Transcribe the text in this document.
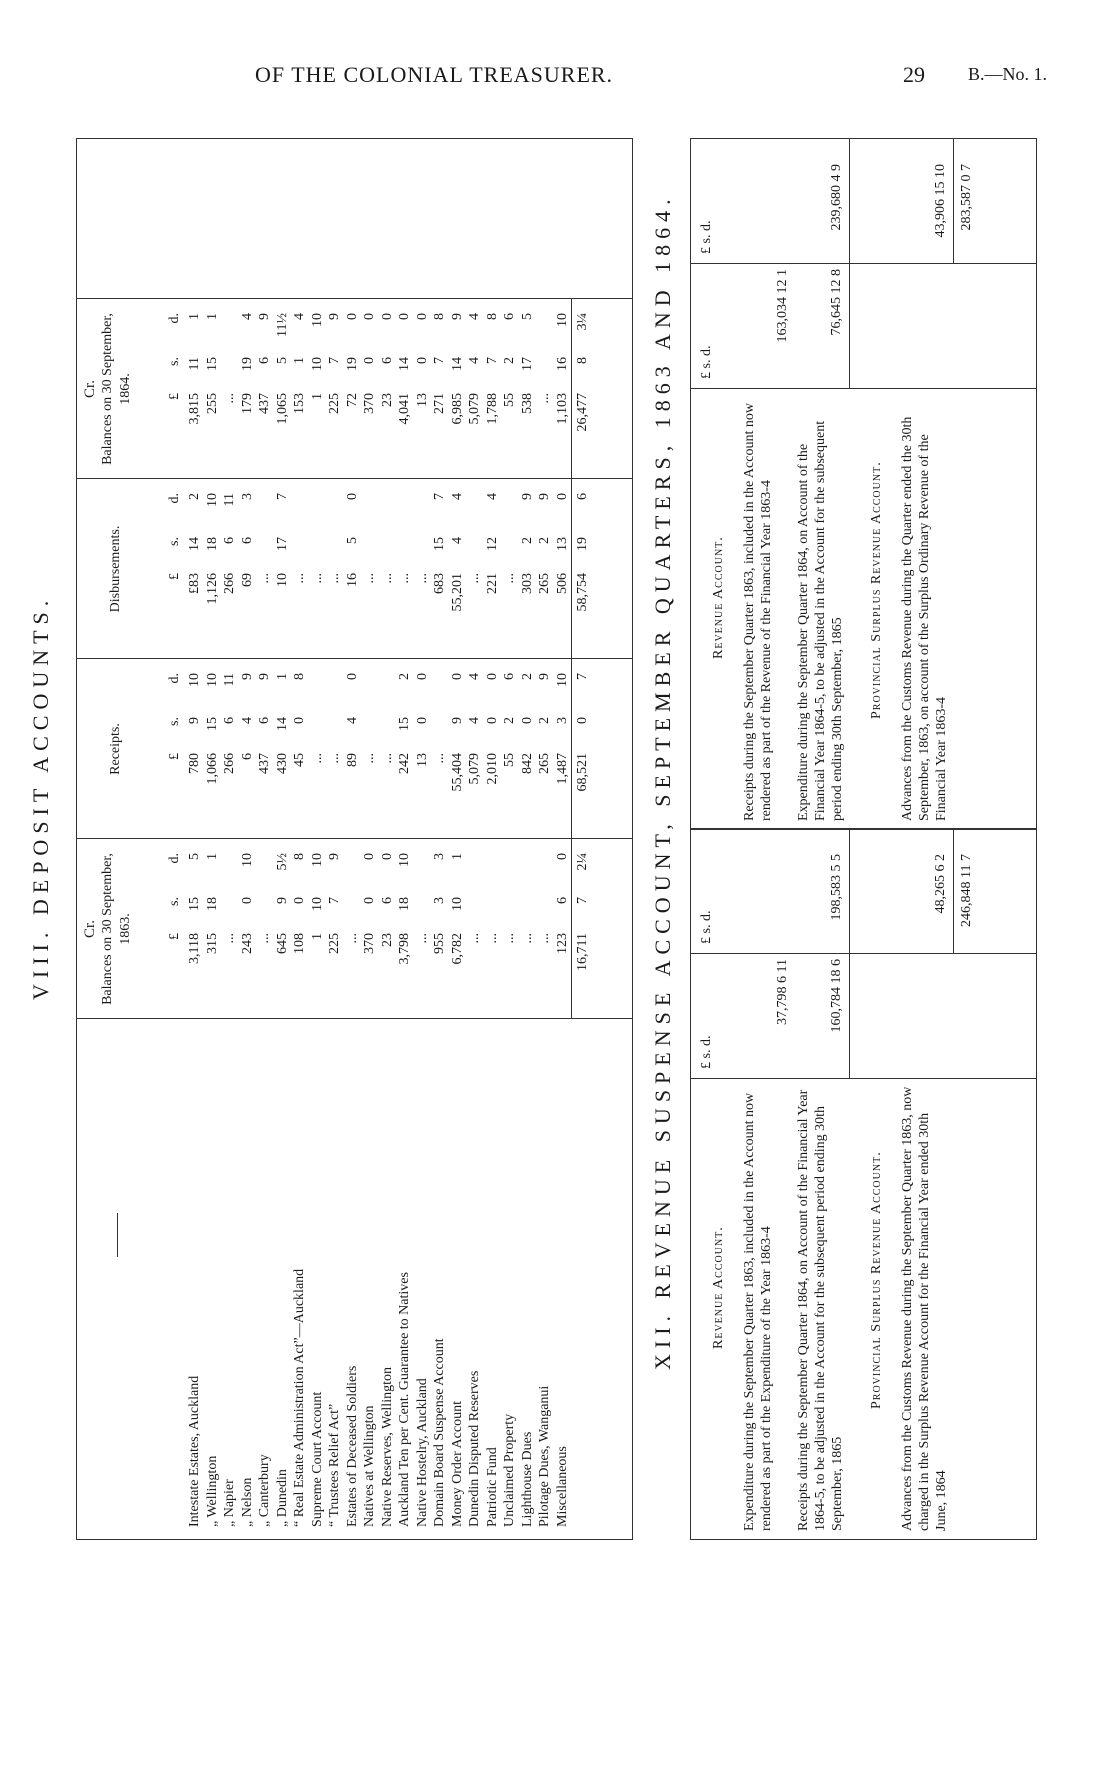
OF THE COLONIAL TREASURER.	29 B.—No. 1.
VIII. DEPOSIT ACCOUNTS. Cr. Balances on 30 September, 1863.
Receipts.
Disbursements.
Cr. Balances on 30 September, 1864.
£
s.
d.
£
s.
d.
£
s.
d.
£
s.
d.
Intestate Estates, Auckland
3,118
15
5
780
9
10
£83
14
2
3,815
11
1
„ Wellington
315
18
1
1,066
15
10
1,126
18
10
255
15
1
„ Napier
...
266
6
11
266
6
11
...
„ Nelson
243
0
10
6
4
9
69
6
3
179
19
4
„ Canterbury
...
437
6
9
...
437
6
9
„ Dunedin
645
9
5½
430
14
1
10
17
7
1,065
5
11½
“ Real Estate Administration Act”—Auckland
108
0
8
45
0
8
...
153
1
4
Supreme Court Account
1
10
10
...
...
1
10
10
“ Trustees Relief Act”
225
7
9
...
...
225
7
9
Estates of Deceased Soldiers
...
89
4
0
16
5
0
72
19
0
Natives at Wellington
370
0
0
...
...
370
0
0
Native Reserves, Wellington
23
6
0
...
...
23
6
0
Auckland Ten per Cent. Guarantee to Natives
3,798
18
10
242
15
2
...
4,041
14
0
Native Hostelry, Auckland
...
13
0
0
...
13
0
0
Domain Board Suspense Account
955
3
3
...
683
15
7
271
7
8
Money Order Account
6,782
10
1
55,404
9
0
55,201
4
4
6,985
14
9
Dunedin Disputed Reserves
...
5,079
4
4
...
5,079
4
4
Patriotic Fund
...
2,010
0
0
221
12
4
1,788
7
8
Unclaimed Property
...
55
2
6
...
55
2
6
Lighthouse Dues
...
842
0
2
303
2
9
538
17
5
Pilotage Dues, Wanganui
...
265
2
9
265
2
9
...
Miscellaneous
123
6
0
1,487
3
10
506
13
0
1,103
16
10
16,711
7
2¼
68,521
0
7
58,754
19
6
26,477
8
3¼	XII. REVENUE SUSPENSE ACCOUNT, SEPTEMBER QUARTERS, 1863 AND 1864. £ s. d.
£ s. d.
Revenue Account. Expenditure during the September Quarter 1863, included in the Account now rendered as part of the Expenditure of the Year 1863-4
37,798 6 11
Receipts during the September Quarter 1864, on Account of the Financial Year 1864-5, to be adjusted in the Account for the subsequent period ending 30th September, 1865
160,784 18 6
198,583 5 5
Provincial Surplus Revenue Account. Advances from the Customs Revenue during the September Quarter 1863, now charged in the Surplus Revenue Account for the Financial Year ended 30th June, 1864
48,265 6 2 246,848 11 7
£ s. d.
£ s. d.
Revenue Account. Receipts during the September Quarter 1863, included in the Account now rendered as part of the Revenue of the Financial Year 1863-4
163,034 12 1
Expenditure during the September Quarter 1864, on Account of the Financial Year 1864-5, to be adjusted in the Account for the subsequent period ending 30th September, 1865
76,645 12 8
239,680 4 9
Provincial Surplus Revenue Account. Advances from the Customs Revenue during the Quarter ended the 30th September, 1863, on account of the Surplus Ordinary Revenue of the Financial Year 1863-4
43,906 15 10 283,587 0 7
